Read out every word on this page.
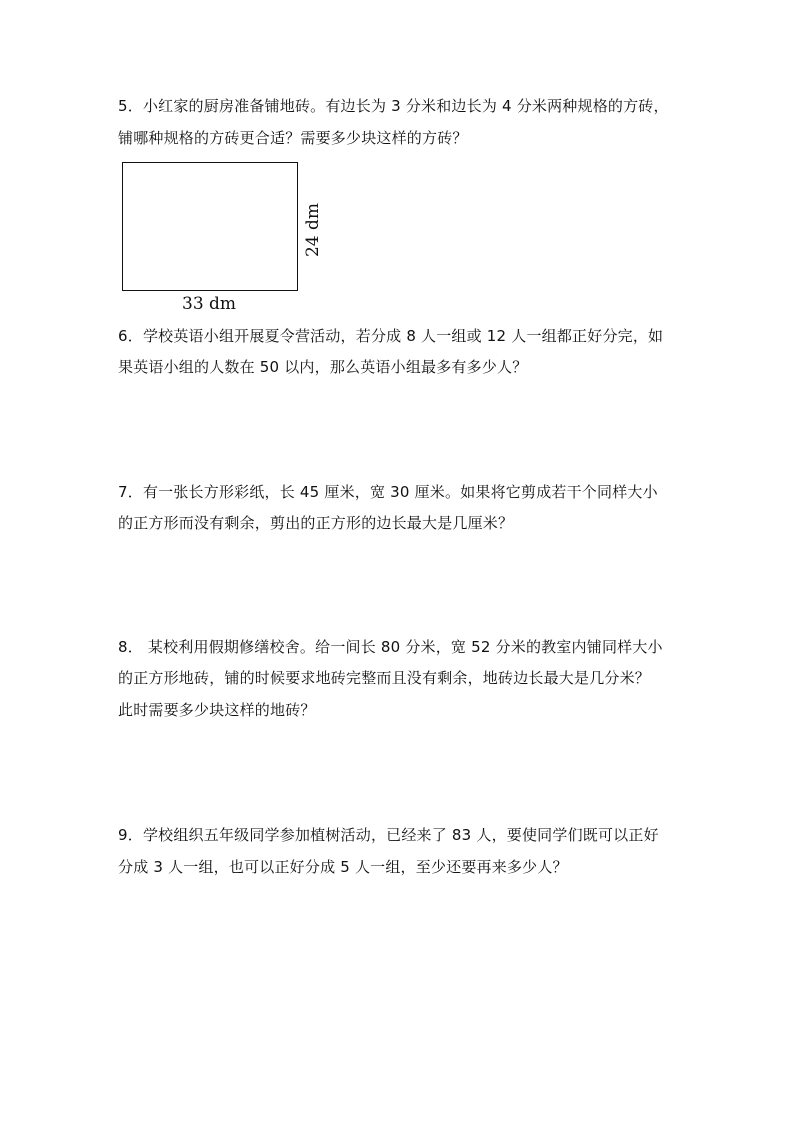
5．小红家的厨房准备铺地砖。有边长为 3 分米和边长为 4 分米两种规格的方砖，
铺哪种规格的方砖更合适？需要多少块这样的方砖？
33 dm
24 dm
6．学校英语小组开展夏令营活动，若分成 8 人一组或 12 人一组都正好分完，如
果英语小组的人数在 50 以内，那么英语小组最多有多少人？
7．有一张长方形彩纸，长 45 厘米，宽 30 厘米。如果将它剪成若干个同样大小
的正方形而没有剩余，剪出的正方形的边长最大是几厘米？
8． 某校利用假期修缮校舍。给一间长 80 分米，宽 52 分米的教室内铺同样大小
的正方形地砖，铺的时候要求地砖完整而且没有剩余，地砖边长最大是几分米？
此时需要多少块这样的地砖？
9．学校组织五年级同学参加植树活动，已经来了 83 人，要使同学们既可以正好
分成 3 人一组，也可以正好分成 5 人一组，至少还要再来多少人？
